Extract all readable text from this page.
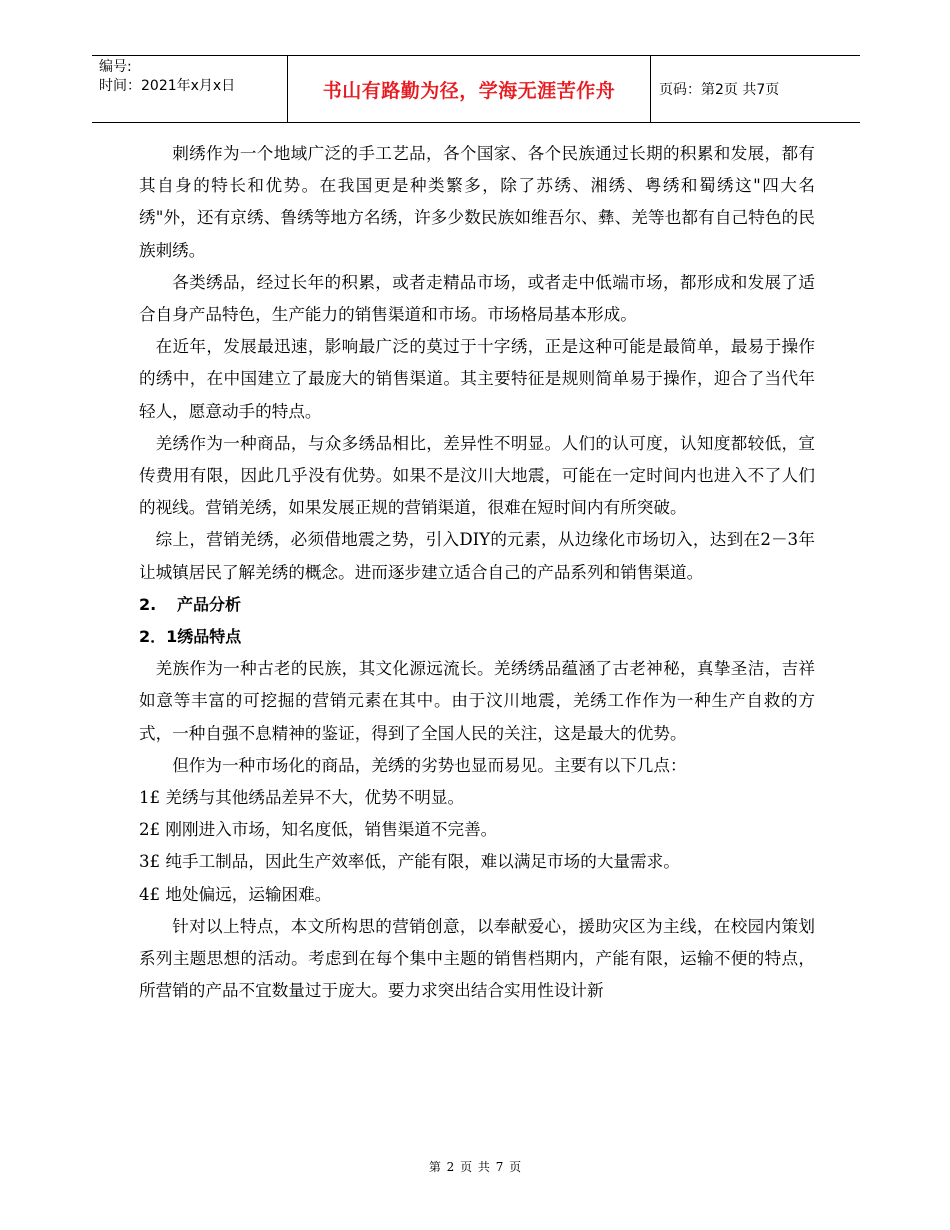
编号:
时间：2021年x月x日	书山有路勤为径，学海无涯苦作舟	页码：第2页 共7页

刺绣作为一个地域广泛的手工艺品，各个国家、各个民族通过长期的积累和发展，都有其自身的特长和优势。在我国更是种类繁多，除了苏绣、湘绣、粤绣和蜀绣这"四大名绣"外，还有京绣、鲁绣等地方名绣，许多少数民族如维吾尔、彝、羌等也都有自己特色的民族刺绣。

各类绣品，经过长年的积累，或者走精品市场，或者走中低端市场，都形成和发展了适合自身产品特色，生产能力的销售渠道和市场。市场格局基本形成。

在近年，发展最迅速，影响最广泛的莫过于十字绣，正是这种可能是最简单，最易于操作的绣中，在中国建立了最庞大的销售渠道。其主要特征是规则简单易于操作，迎合了当代年轻人，愿意动手的特点。

羌绣作为一种商品，与众多绣品相比，差异性不明显。人们的认可度，认知度都较低，宣传费用有限，因此几乎没有优势。如果不是汶川大地震，可能在一定时间内也进入不了人们的视线。营销羌绣，如果发展正规的营销渠道，很难在短时间内有所突破。

综上，营销羌绣，必须借地震之势，引入DIY的元素，从边缘化市场切入，达到在2－3年让城镇居民了解羌绣的概念。进而逐步建立适合自己的产品系列和销售渠道。

2. 产品分析

2．1绣品特点

羌族作为一种古老的民族，其文化源远流长。羌绣绣品蕴涵了古老神秘，真挚圣洁，吉祥如意等丰富的可挖掘的营销元素在其中。由于汶川地震，羌绣工作作为一种生产自救的方式，一种自强不息精神的鉴证，得到了全国人民的关注，这是最大的优势。

但作为一种市场化的商品，羌绣的劣势也显而易见。主要有以下几点：

1£ 羌绣与其他绣品差异不大，优势不明显。

2£ 刚刚进入市场，知名度低，销售渠道不完善。

3£ 纯手工制品，因此生产效率低，产能有限，难以满足市场的大量需求。

4£ 地处偏远，运输困难。

针对以上特点，本文所构思的营销创意，以奉献爱心，援助灾区为主线，在校园内策划系列主题思想的活动。考虑到在每个集中主题的销售档期内，产能有限，运输不便的特点，所营销的产品不宜数量过于庞大。要力求突出结合实用性设计新

第 2 页 共 7 页
